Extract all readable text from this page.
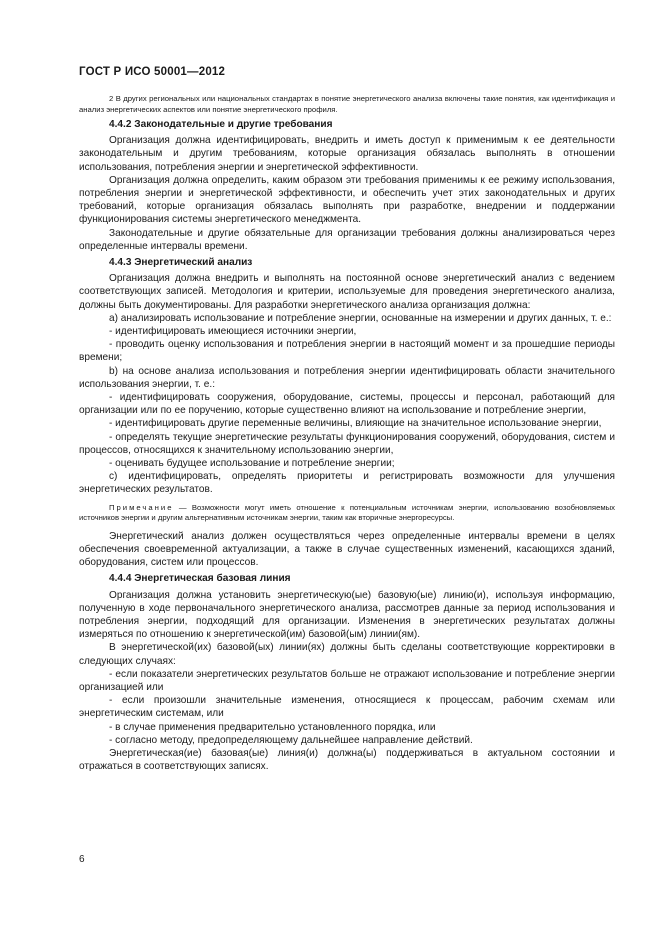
ГОСТ Р ИСО 50001—2012

2 В других региональных или национальных стандартах в понятие энергетического анализа включены такие понятия, как идентификация и анализ энергетических аспектов или понятие энергетического профиля.

4.4.2 Законодательные и другие требования

Организация должна идентифицировать, внедрить и иметь доступ к применимым к ее деятельности законодательным и другим требованиям, которые организация обязалась выполнять в отношении использования, потребления энергии и энергетической эффективности.

Организация должна определить, каким образом эти требования применимы к ее режиму использования, потребления энергии и энергетической эффективности, и обеспечить учет этих законодательных и других требований, которые организация обязалась выполнять при разработке, внедрении и поддержании функционирования системы энергетического менеджмента.

Законодательные и другие обязательные для организации требования должны анализироваться через определенные интервалы времени.

4.4.3 Энергетический анализ

Организация должна внедрить и выполнять на постоянной основе энергетический анализ с ведением соответствующих записей. Методология и критерии, используемые для проведения энергетического анализа, должны быть документированы. Для разработки энергетического анализа организация должна:

a) анализировать использование и потребление энергии, основанные на измерении и других данных, т. е.:

- идентифицировать имеющиеся источники энергии,

- проводить оценку использования и потребления энергии в настоящий момент и за прошедшие периоды времени;

b) на основе анализа использования и потребления энергии идентифицировать области значительного использования энергии, т. е.:

- идентифицировать сооружения, оборудование, системы, процессы и персонал, работающий для организации или по ее поручению, которые существенно влияют на использование и потребление энергии,

- идентифицировать другие переменные величины, влияющие на значительное использование энергии,

- определять текущие энергетические результаты функционирования сооружений, оборудования, систем и процессов, относящихся к значительному использованию энергии,

- оценивать будущее использование и потребление энергии;

c) идентифицировать, определять приоритеты и регистрировать возможности для улучшения энергетических результатов.

Примечание — Возможности могут иметь отношение к потенциальным источникам энергии, использованию возобновляемых источников энергии и другим альтернативным источникам энергии, таким как вторичные энергоресурсы.

Энергетический анализ должен осуществляться через определенные интервалы времени в целях обеспечения своевременной актуализации, а также в случае существенных изменений, касающихся зданий, оборудования, систем или процессов.

4.4.4 Энергетическая базовая линия

Организация должна установить энергетическую(ые) базовую(ые) линию(и), используя информацию, полученную в ходе первоначального энергетического анализа, рассмотрев данные за период использования и потребления энергии, подходящий для организации. Изменения в энергетических результатах должны измеряться по отношению к энергетической(им) базовой(ым) линии(ям).

В энергетической(их) базовой(ых) линии(ях) должны быть сделаны соответствующие корректировки в следующих случаях:

- если показатели энергетических результатов больше не отражают использование и потребление энергии организацией или

- если произошли значительные изменения, относящиеся к процессам, рабочим схемам или энергетическим системам, или

- в случае применения предварительно установленного порядка, или

- согласно методу, предопределяющему дальнейшее направление действий.

Энергетическая(ие) базовая(ые) линия(и) должна(ы) поддерживаться в актуальном состоянии и отражаться в соответствующих записях.

6
